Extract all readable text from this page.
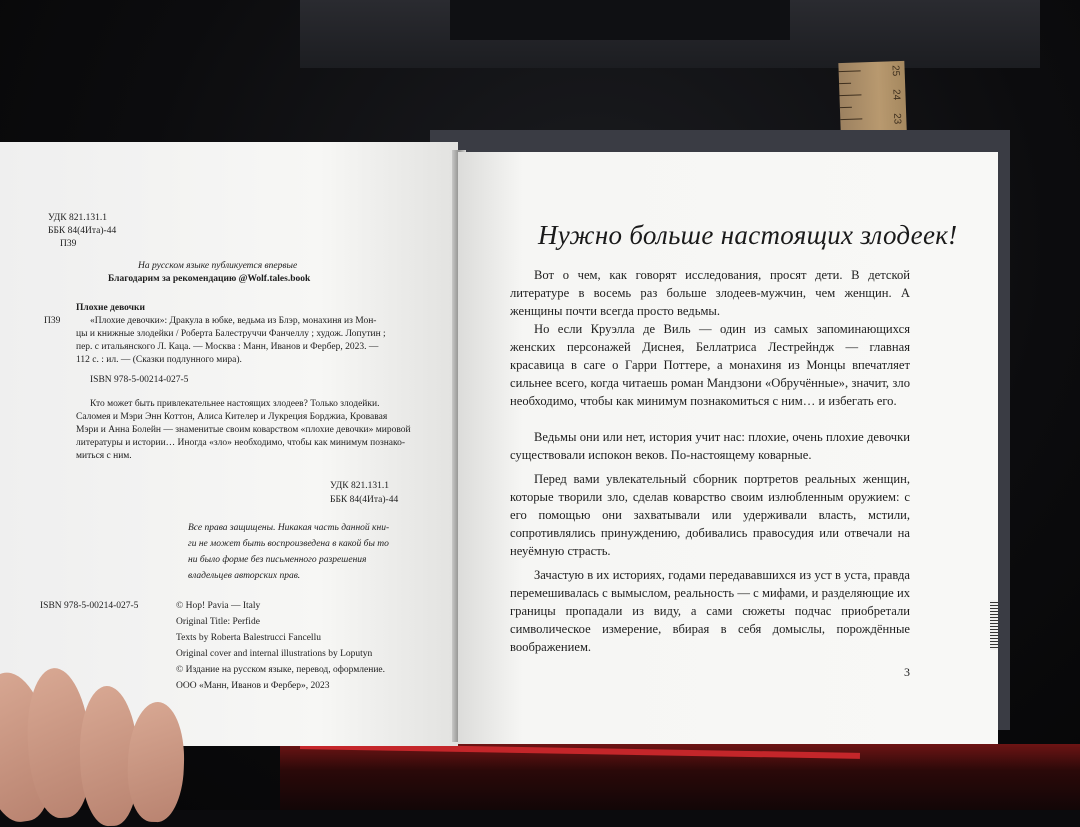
25
24
23
УДК 821.131.1
ББК 84(4Ита)-44
П39
На русском языке публикуется впервые
Благодарим за рекомендацию @Wolf.tales.book
Плохие девочки
П39	«Плохие девочки»: Дракула в юбке, ведьма из Блэр, монахиня из Мон-
цы и книжные злодейки / Роберта Балеструччи Фанчеллу ; худож. Лопутин ;
пер. с итальянского Л. Каца. — Москва : Манн, Иванов и Фербер, 2023. —
112 с. : ил. — (Сказки подлунного мира).
ISBN 978-5-00214-027-5
Кто может быть привлекательнее настоящих злодеев? Только злодейки.
Саломея и Мэри Энн Коттон, Алиса Кителер и Лукреция Борджиа, Кровавая
Мэри и Анна Болейн — знаменитые своим коварством «плохие девочки» мировой
литературы и истории… Иногда «зло» необходимо, чтобы как минимум познако-
миться с ним.
УДК 821.131.1
ББК 84(4Ита)-44
Все права защищены. Никакая часть данной кни-
ги не может быть воспроизведена в какой бы то
ни было форме без письменного разрешения
владельцев авторских прав.
ISBN 978-5-00214-027-5	© Hop! Pavia — Italy
Original Title: Perfide
Texts by Roberta Balestrucci Fancellu
Original cover and internal illustrations by Loputyn
© Издание на русском языке, перевод, оформление.
ООО «Манн, Иванов и Фербер», 2023
Нужно больше настоящих злодеек!
Вот о чем, как говорят исследования, просят дети. В детской литературе в восемь раз больше злодеев-мужчин, чем женщин. А женщины почти всегда просто ведьмы.
Но если Круэлла де Виль — один из самых запоминающихся женских персонажей Диснея, Беллатриса Лестрейндж — главная красавица в саге о Гарри Поттере, а монахиня из Монцы впечатляет сильнее всего, когда читаешь роман Мандзони «Обручённые», значит, зло необходимо, чтобы как минимум познакомиться с ним… и избегать его.
Ведьмы они или нет, история учит нас: плохие, очень плохие девочки существовали испокон веков. По-настоящему коварные.
Перед вами увлекательный сборник портретов реальных женщин, которые творили зло, сделав коварство своим излюбленным оружием: с его помощью они захватывали или удерживали власть, мстили, сопротивлялись принуждению, добивались правосудия или отвечали на неуёмную страсть.
Зачастую в их историях, годами передававшихся из уст в уста, правда перемешивалась с вымыслом, реальность — с мифами, и разделяющие их границы пропадали из виду, а сами сюжеты подчас приобретали символическое измерение, вбирая в себя домыслы, порождённые воображением.
3
